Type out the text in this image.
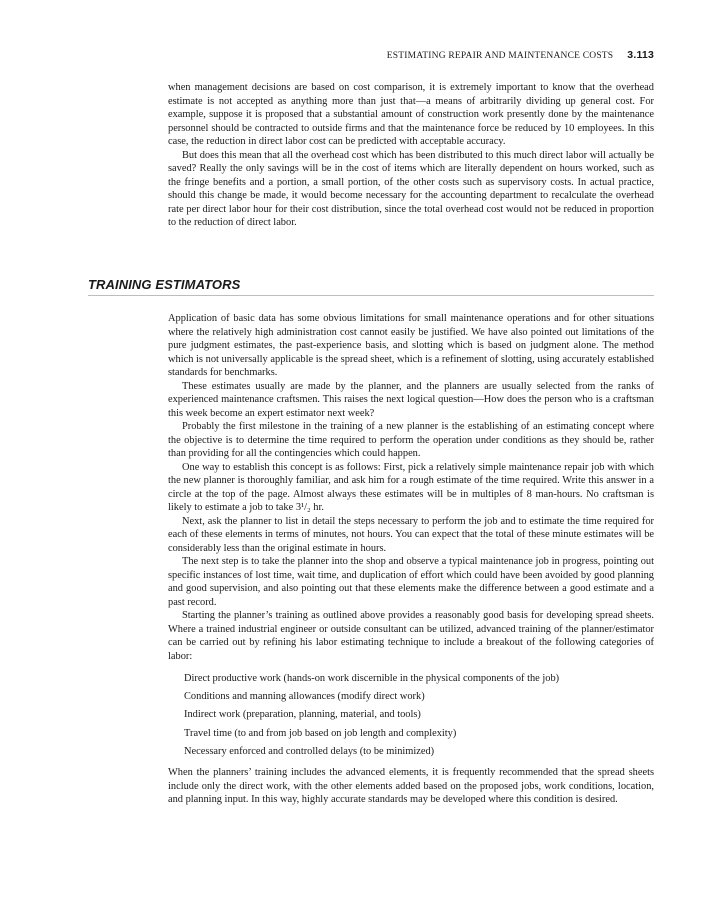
ESTIMATING REPAIR AND MAINTENANCE COSTS 3.113

when management decisions are based on cost comparison, it is extremely important to know that the overhead estimate is not accepted as anything more than just that—a means of arbitrarily dividing up general cost. For example, suppose it is proposed that a substantial amount of construction work presently done by the maintenance personnel should be contracted to outside firms and that the maintenance force be reduced by 10 employees. In this case, the reduction in direct labor cost can be predicted with acceptable accuracy.

But does this mean that all the overhead cost which has been distributed to this much direct labor will actually be saved? Really the only savings will be in the cost of items which are literally dependent on hours worked, such as the fringe benefits and a portion, a small portion, of the other costs such as supervisory costs. In actual practice, should this change be made, it would become necessary for the accounting department to recalculate the overhead rate per direct labor hour for their cost distribution, since the total overhead cost would not be reduced in proportion to the reduction of direct labor.

TRAINING ESTIMATORS

Application of basic data has some obvious limitations for small maintenance operations and for other situations where the relatively high administration cost cannot easily be justified. We have also pointed out limitations of the pure judgment estimates, the past-experience basis, and slotting which is based on judgment alone. The method which is not universally applicable is the spread sheet, which is a refinement of slotting, using accurately established standards for benchmarks.

These estimates usually are made by the planner, and the planners are usually selected from the ranks of experienced maintenance craftsmen. This raises the next logical question—How does the person who is a craftsman this week become an expert estimator next week?

Probably the first milestone in the training of a new planner is the establishing of an estimating concept where the objective is to determine the time required to perform the operation under conditions as they should be, rather than providing for all the contingencies which could happen.

One way to establish this concept is as follows: First, pick a relatively simple maintenance repair job with which the new planner is thoroughly familiar, and ask him for a rough estimate of the time required. Write this answer in a circle at the top of the page. Almost always these estimates will be in multiples of 8 man-hours. No craftsman is likely to estimate a job to take 3¹/₂ hr.

Next, ask the planner to list in detail the steps necessary to perform the job and to estimate the time required for each of these elements in terms of minutes, not hours. You can expect that the total of these minute estimates will be considerably less than the original estimate in hours.

The next step is to take the planner into the shop and observe a typical maintenance job in progress, pointing out specific instances of lost time, wait time, and duplication of effort which could have been avoided by good planning and good supervision, and also pointing out that these elements make the difference between a good estimate and a past record.

Starting the planner’s training as outlined above provides a reasonably good basis for developing spread sheets. Where a trained industrial engineer or outside consultant can be utilized, advanced training of the planner/estimator can be carried out by refining his labor estimating technique to include a breakout of the following categories of labor:

Direct productive work (hands-on work discernible in the physical components of the job)
Conditions and manning allowances (modify direct work)
Indirect work (preparation, planning, material, and tools)
Travel time (to and from job based on job length and complexity)
Necessary enforced and controlled delays (to be minimized)

When the planners’ training includes the advanced elements, it is frequently recommended that the spread sheets include only the direct work, with the other elements added based on the proposed jobs, work conditions, location, and planning input. In this way, highly accurate standards may be developed where this condition is desired.
